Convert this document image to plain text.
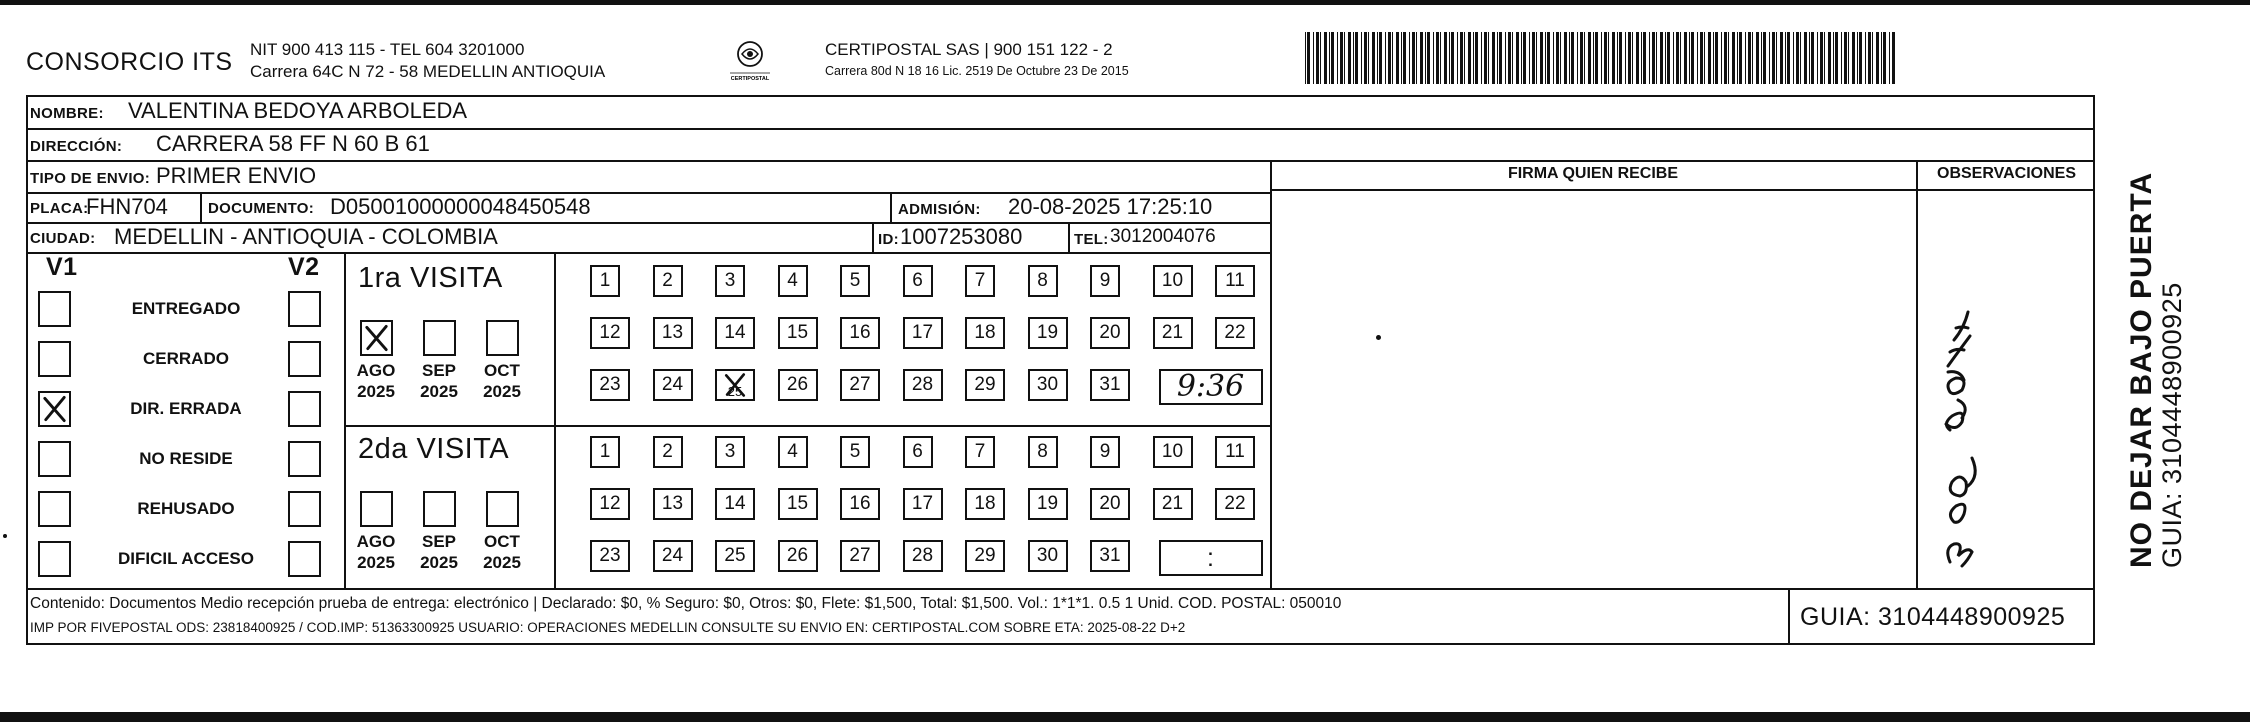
CONSORCIO ITS NIT 900 413 115 - TEL 604 3201000
Carrera 64C N 72 - 58 MEDELLIN ANTIOQUIA	CERTIPOSTAL
CERTIPOSTAL SAS | 900 151 122 - 2
Carrera 80d N 18 16 Lic. 2519 De Octubre 23 De 2015
NOMBRE: VALENTINA BEDOYA ARBOLEDA
DIRECCIÓN: CARRERA 58 FF N 60 B 61
FIRMA QUIEN RECIBE	OBSERVACIONES
TIPO DE ENVIO: PRIMER ENVIO
PLACA:
FHN704	DOCUMENTO: D05001000000048450548	ADMISIÓN: 20-08-2025 17:25:10
CIUDAD: MEDELLIN - ANTIOQUIA - COLOMBIA	ID: 1007253080	TEL: 3012004076
V1	V2
ENTREGADO
CERRADO
DIR. ERRADA
NO RESIDE
REHUSADO
DIFICIL ACCESO
1ra VISITA
2da VISITA
AGO
2025
SEP
2025
OCT
2025
AGO
2025
SEP
2025
OCT
2025
1	2	3	4	5	6	7	8	9	10	11
12	13	14	15	16	17	18	19	20	21	22
23	24	25	26	27	28	29	30	31	9:36
1	2	3	4	5	6	7	8	9	10	11
12	13	14	15	16	17	18	19	20	21	22
23	24	25	26	27	28	29	30	31	:
Contenido: Documentos Medio recepción prueba de entrega: electrónico | Declarado: $0, % Seguro: $0, Otros: $0, Flete: $1,500, Total: $1,500. Vol.: 1*1*1. 0.5 1 Unid. COD. POSTAL: 050010
IMP POR FIVEPOSTAL ODS: 23818400925 / COD.IMP: 51363300925 USUARIO: OPERACIONES MEDELLIN CONSULTE SU ENVIO EN: CERTIPOSTAL.COM SOBRE ETA: 2025-08-22 D+2	GUIA: 3104448900925
NO DEJAR BAJO PUERTA GUIA: 3104448900925
